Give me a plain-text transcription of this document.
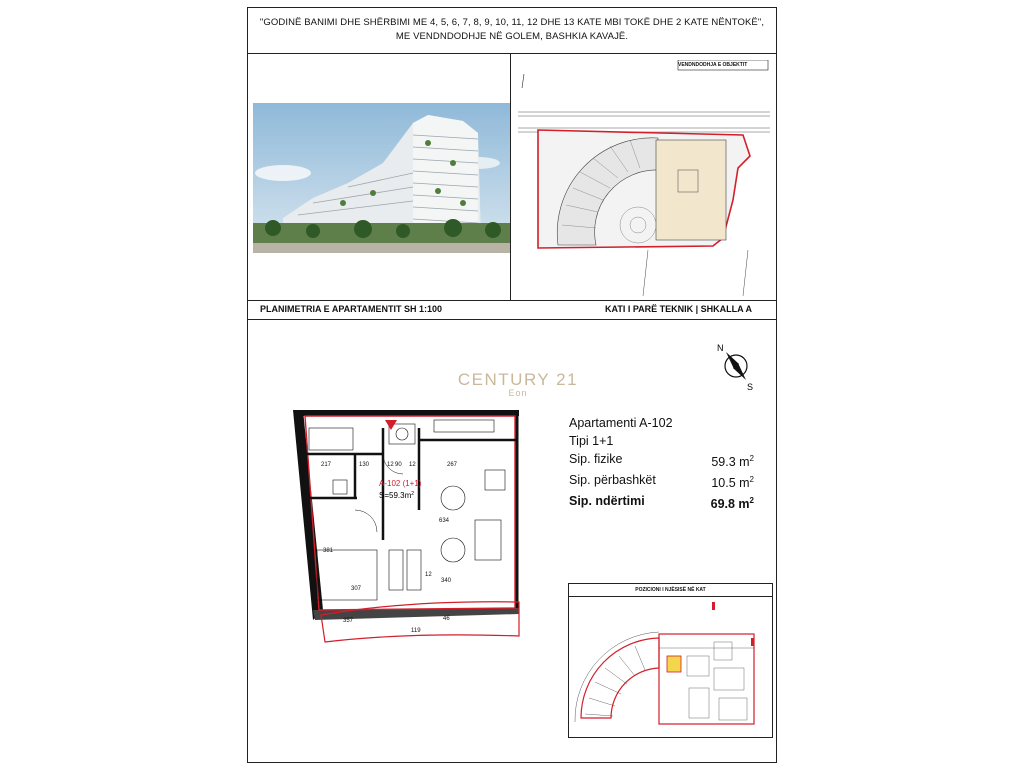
"GODINË BANIMI DHE SHËRBIMI ME 4, 5, 6, 7, 8, 9, 10, 11, 12 DHE 13 KATE MBI TOKË DHE 2 KATE NËNTOKË",
ME VENDNDODHJE NË GOLEM, BASHKIA KAVAJË.
VENDNDODHJA E OBJEKTIT
PLANIMETRIA E APARTAMENTIT SH 1:100	KATI I PARË TEKNIK | SHKALLA A
CENTURY 21
Eon
N
S
Apartamenti A-102
Tipi 1+1
Sip. fizike	59.3 $m^2$
Sip. përbashkët	10.5 $m^2$
Sip. ndërtimi	69.8 $m^2$
A-102 (1+1)
$S=59.3m^2$
217	130	12 90 12	267
307
357
12
340
46
119
634
381
POZICIONI I NJËSISË NË KAT
